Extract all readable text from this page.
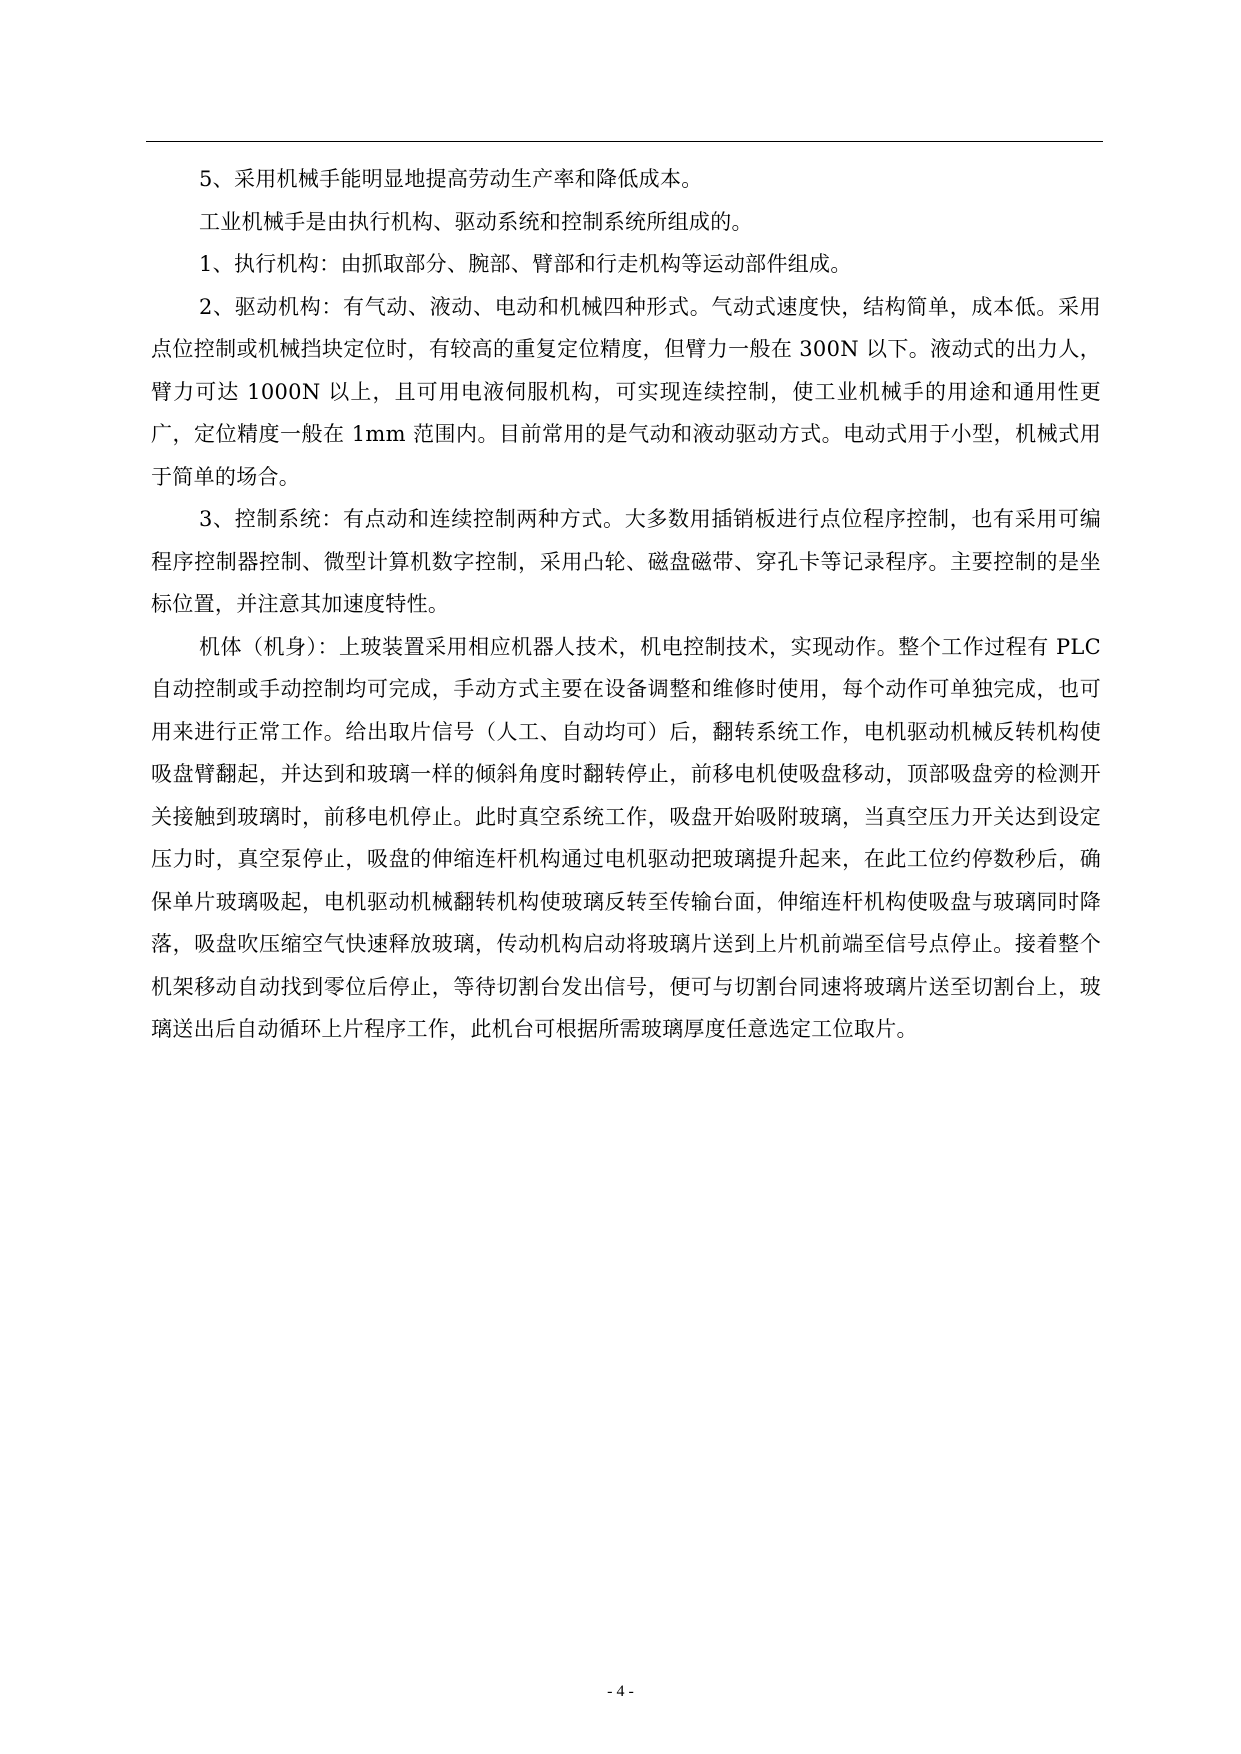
5、采用机械手能明显地提高劳动生产率和降低成本。

工业机械手是由执行机构、驱动系统和控制系统所组成的。

1、执行机构：由抓取部分、腕部、臂部和行走机构等运动部件组成。

2、驱动机构：有气动、液动、电动和机械四种形式。气动式速度快，结构简单，成本低。采用点位控制或机械挡块定位时，有较高的重复定位精度，但臂力一般在 300N 以下。液动式的出力人，臂力可达 1000N 以上，且可用电液伺服机构，可实现连续控制，使工业机械手的用途和通用性更广，定位精度一般在 1mm 范围内。目前常用的是气动和液动驱动方式。电动式用于小型，机械式用于简单的场合。

3、控制系统：有点动和连续控制两种方式。大多数用插销板进行点位程序控制，也有采用可编程序控制器控制、微型计算机数字控制，采用凸轮、磁盘磁带、穿孔卡等记录程序。主要控制的是坐标位置，并注意其加速度特性。

机体（机身）：上玻装置采用相应机器人技术，机电控制技术，实现动作。整个工作过程有 PLC 自动控制或手动控制均可完成，手动方式主要在设备调整和维修时使用，每个动作可单独完成，也可用来进行正常工作。给出取片信号（人工、自动均可）后，翻转系统工作，电机驱动机械反转机构使吸盘臂翻起，并达到和玻璃一样的倾斜角度时翻转停止，前移电机使吸盘移动，顶部吸盘旁的检测开关接触到玻璃时，前移电机停止。此时真空系统工作，吸盘开始吸附玻璃，当真空压力开关达到设定压力时，真空泵停止，吸盘的伸缩连杆机构通过电机驱动把玻璃提升起来，在此工位约停数秒后，确保单片玻璃吸起，电机驱动机械翻转机构使玻璃反转至传输台面，伸缩连杆机构使吸盘与玻璃同时降落，吸盘吹压缩空气快速释放玻璃，传动机构启动将玻璃片送到上片机前端至信号点停止。接着整个机架移动自动找到零位后停止，等待切割台发出信号，便可与切割台同速将玻璃片送至切割台上，玻璃送出后自动循环上片程序工作，此机台可根据所需玻璃厚度任意选定工位取片。

- 4 -
